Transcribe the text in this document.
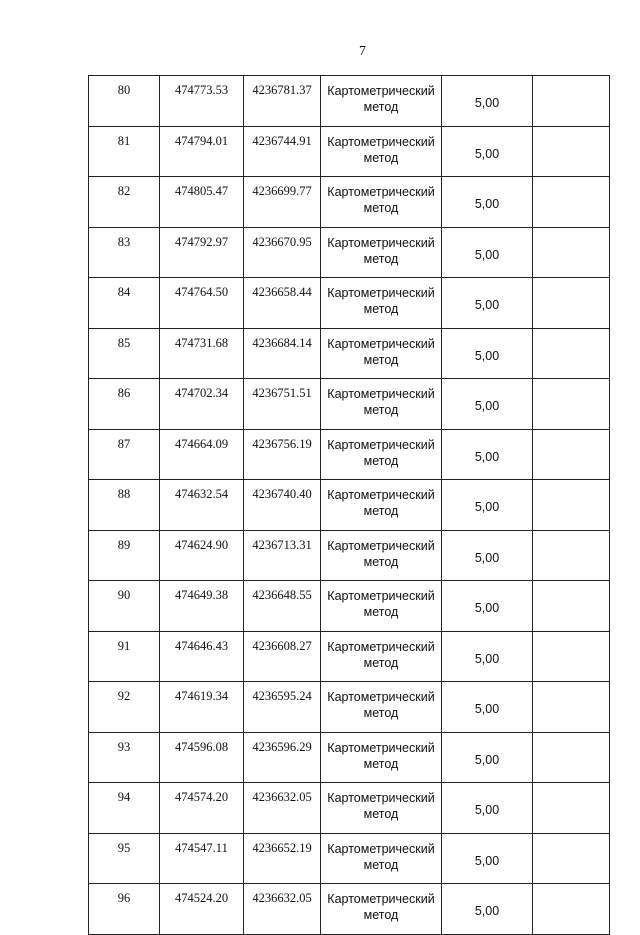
7
80	474773.53	4236781.37	Картометрический
метод	5,00	
81	474794.01	4236744.91	Картометрический
метод	5,00	
82	474805.47	4236699.77	Картометрический
метод	5,00	
83	474792.97	4236670.95	Картометрический
метод	5,00	
84	474764.50	4236658.44	Картометрический
метод	5,00	
85	474731.68	4236684.14	Картометрический
метод	5,00	
86	474702.34	4236751.51	Картометрический
метод	5,00	
87	474664.09	4236756.19	Картометрический
метод	5,00	
88	474632.54	4236740.40	Картометрический
метод	5,00	
89	474624.90	4236713.31	Картометрический
метод	5,00	
90	474649.38	4236648.55	Картометрический
метод	5,00	
91	474646.43	4236608.27	Картометрический
метод	5,00	
92	474619.34	4236595.24	Картометрический
метод	5,00	
93	474596.08	4236596.29	Картометрический
метод	5,00	
94	474574.20	4236632.05	Картометрический
метод	5,00	
95	474547.11	4236652.19	Картометрический
метод	5,00	
96	474524.20	4236632.05	Картометрический
метод	5,00	
